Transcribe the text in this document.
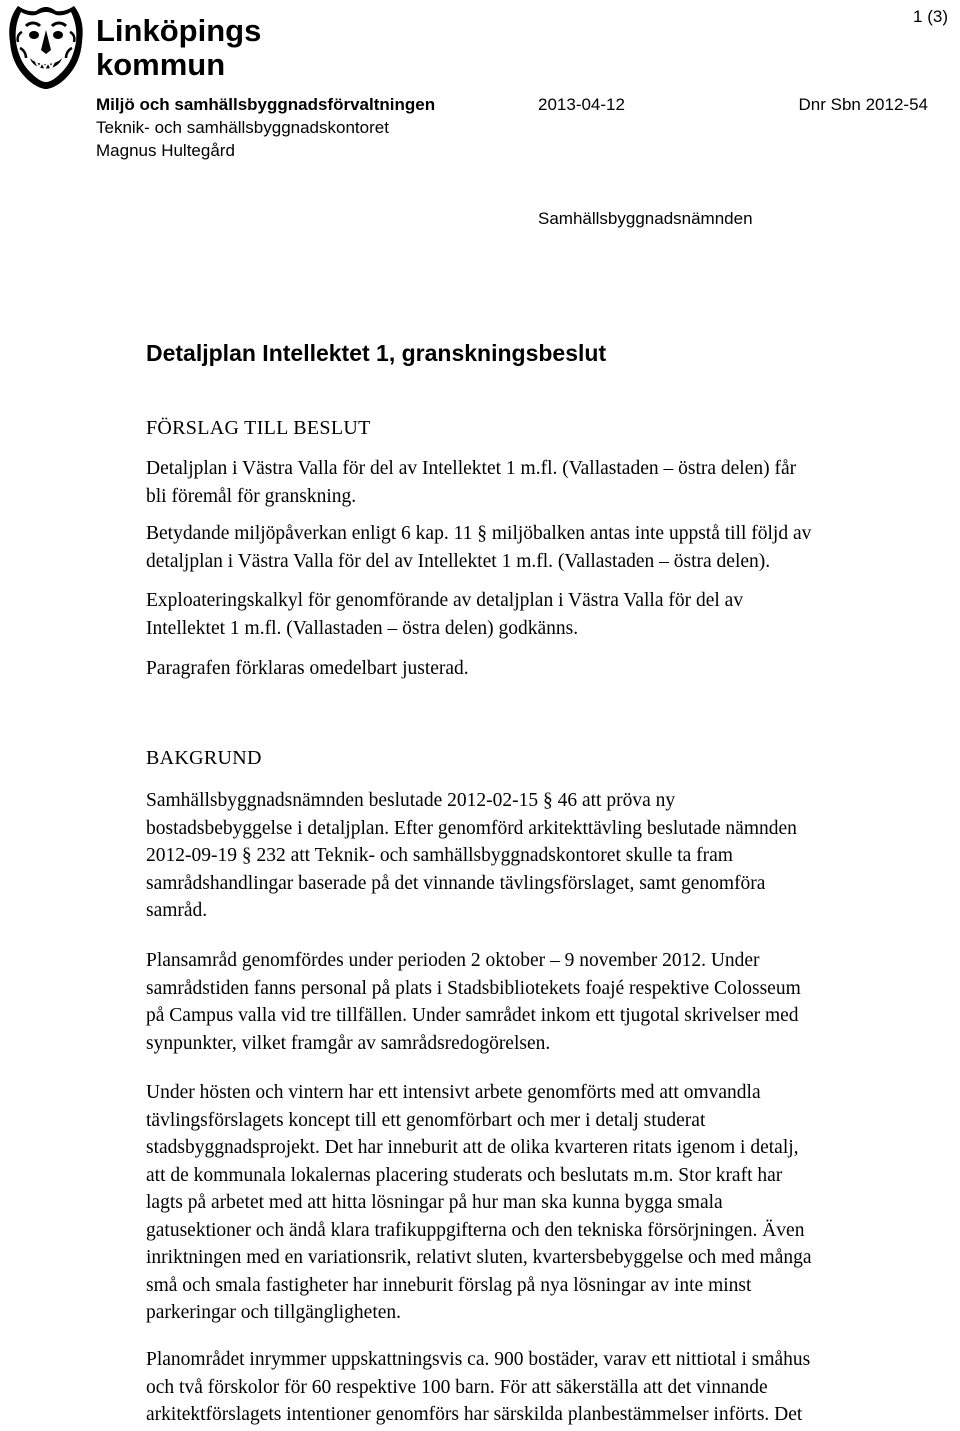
Linköpings
kommun
1 (3)
Miljö och samhällsbyggnadsförvaltningen
Teknik- och samhällsbyggnadskontoret
Magnus Hultegård
2013-04-12	Dnr Sbn 2012-54
Samhällsbyggnadsnämnden
Detaljplan Intellektet 1, granskningsbeslut
FÖRSLAG TILL BESLUT
Detaljplan i Västra Valla för del av Intellektet 1 m.fl. (Vallastaden – östra delen) får
bli föremål för granskning.
Betydande miljöpåverkan enligt 6 kap. 11 § miljöbalken antas inte uppstå till följd av
detaljplan i Västra Valla för del av Intellektet 1 m.fl. (Vallastaden – östra delen).
Exploateringskalkyl för genomförande av detaljplan i Västra Valla för del av
Intellektet 1 m.fl. (Vallastaden – östra delen) godkänns.
Paragrafen förklaras omedelbart justerad.
BAKGRUND
Samhällsbyggnadsnämnden beslutade 2012-02-15 § 46 att pröva ny
bostadsbebyggelse i detaljplan. Efter genomförd arkitekttävling beslutade nämnden
2012-09-19 § 232 att Teknik- och samhällsbyggnadskontoret skulle ta fram
samrådshandlingar baserade på det vinnande tävlingsförslaget, samt genomföra
samråd.
Plansamråd genomfördes under perioden 2 oktober – 9 november 2012. Under
samrådstiden fanns personal på plats i Stadsbibliotekets foajé respektive Colosseum
på Campus valla vid tre tillfällen. Under samrådet inkom ett tjugotal skrivelser med
synpunkter, vilket framgår av samrådsredogörelsen.
Under hösten och vintern har ett intensivt arbete genomförts med att omvandla
tävlingsförslagets koncept till ett genomförbart och mer i detalj studerat
stadsbyggnadsprojekt. Det har inneburit att de olika kvarteren ritats igenom i detalj,
att de kommunala lokalernas placering studerats och beslutats m.m. Stor kraft har
lagts på arbetet med att hitta lösningar på hur man ska kunna bygga smala
gatusektioner och ändå klara trafikuppgifterna och den tekniska försörjningen. Även
inriktningen med en variationsrik, relativt sluten, kvartersbebyggelse och med många
små och smala fastigheter har inneburit förslag på nya lösningar av inte minst
parkeringar och tillgängligheten.
Planområdet inrymmer uppskattningsvis ca. 900 bostäder, varav ett nittiotal i småhus
och två förskolor för 60 respektive 100 barn. För att säkerställa att det vinnande
arkitektförslagets intentioner genomförs har särskilda planbestämmelser införts. Det
